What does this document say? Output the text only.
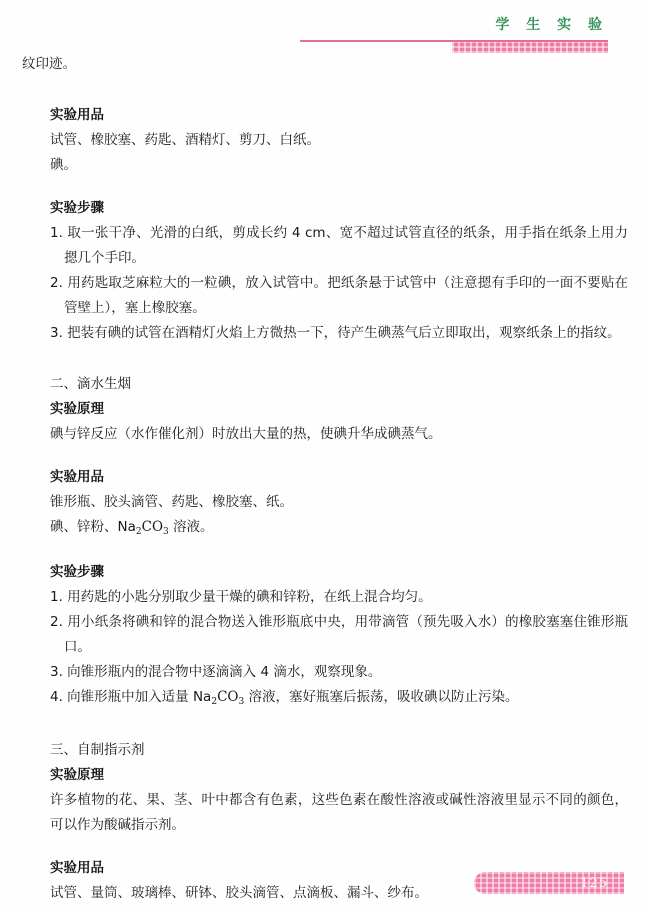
学 生 实 验
纹印迹。
实验用品
试管、橡胶塞、药匙、酒精灯、剪刀、白纸。
碘。
实验步骤
1. 取一张干净、光滑的白纸，剪成长约 4 cm、宽不超过试管直径的纸条，用手指在纸条上用力摁几个手印。
2. 用药匙取芝麻粒大的一粒碘，放入试管中。把纸条悬于试管中（注意摁有手印的一面不要贴在管壁上），塞上橡胶塞。
3. 把装有碘的试管在酒精灯火焰上方微热一下，待产生碘蒸气后立即取出，观察纸条上的指纹。
二、滴水生烟
实验原理
碘与锌反应（水作催化剂）时放出大量的热，使碘升华成碘蒸气。
实验用品
锥形瓶、胶头滴管、药匙、橡胶塞、纸。
碘、锌粉、$Na_2CO_3$ 溶液。
实验步骤
1. 用药匙的小匙分别取少量干燥的碘和锌粉，在纸上混合均匀。
2. 用小纸条将碘和锌的混合物送入锥形瓶底中央，用带滴管（预先吸入水）的橡胶塞塞住锥形瓶口。
3. 向锥形瓶内的混合物中逐滴滴入 4 滴水，观察现象。
4. 向锥形瓶中加入适量 $Na_2CO_3$ 溶液，塞好瓶塞后振荡，吸收碘以防止污染。
三、自制指示剂
实验原理
许多植物的花、果、茎、叶中都含有色素，这些色素在酸性溶液或碱性溶液里显示不同的颜色，可以作为酸碱指示剂。
实验用品
试管、量筒、玻璃棒、研钵、胶头滴管、点滴板、漏斗、纱布。
125
